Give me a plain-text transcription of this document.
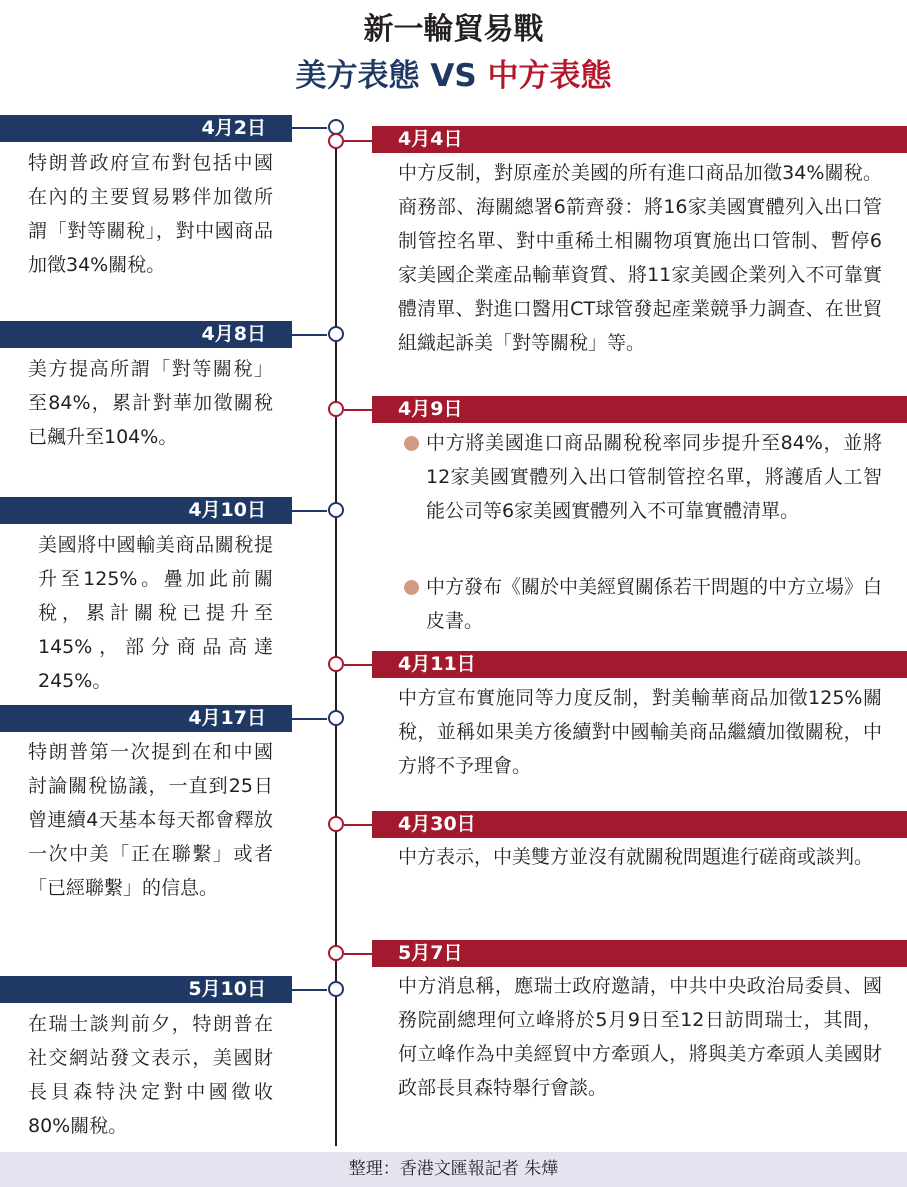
新一輪貿易戰
美方表態 VS 中方表態
4月2日
特朗普政府宣布對包括中國在內的主要貿易夥伴加徵所謂「對等關稅」，對中國商品加徵34%關稅。
4月8日
美方提高所謂「對等關稅」至84%，累計對華加徵關稅已飆升至104%。
4月10日
美國將中國輸美商品關稅提升至125%。疊加此前關稅，累計關稅已提升至145%，部分商品高達245%。
4月17日
特朗普第一次提到在和中國討論關稅協議，一直到25日曾連續4天基本每天都會釋放一次中美「正在聯繫」或者「已經聯繫」的信息。
5月10日
在瑞士談判前夕，特朗普在社交網站發文表示，美國財長貝森特決定對中國徵收80%關稅。
4月4日
中方反制，對原產於美國的所有進口商品加徵34%關稅。商務部、海關總署6箭齊發：將16家美國實體列入出口管制管控名單、對中重稀土相關物項實施出口管制、暫停6家美國企業產品輸華資質、將11家美國企業列入不可靠實體清單、對進口醫用CT球管發起產業競爭力調查、在世貿組織起訴美「對等關稅」等。
4月9日
中方將美國進口商品關稅稅率同步提升至84%，並將12家美國實體列入出口管制管控名單，將護盾人工智能公司等6家美國實體列入不可靠實體清單。
中方發布《關於中美經貿關係若干問題的中方立場》白皮書。
4月11日
中方宣布實施同等力度反制，對美輸華商品加徵125%關稅，並稱如果美方後續對中國輸美商品繼續加徵關稅，中方將不予理會。
4月30日
中方表示，中美雙方並沒有就關稅問題進行磋商或談判。
5月7日
中方消息稱，應瑞士政府邀請，中共中央政治局委員、國務院副總理何立峰將於5月9日至12日訪問瑞士，其間，何立峰作為中美經貿中方牽頭人，將與美方牽頭人美國財政部長貝森特舉行會談。
整理：香港文匯報記者 朱燁
